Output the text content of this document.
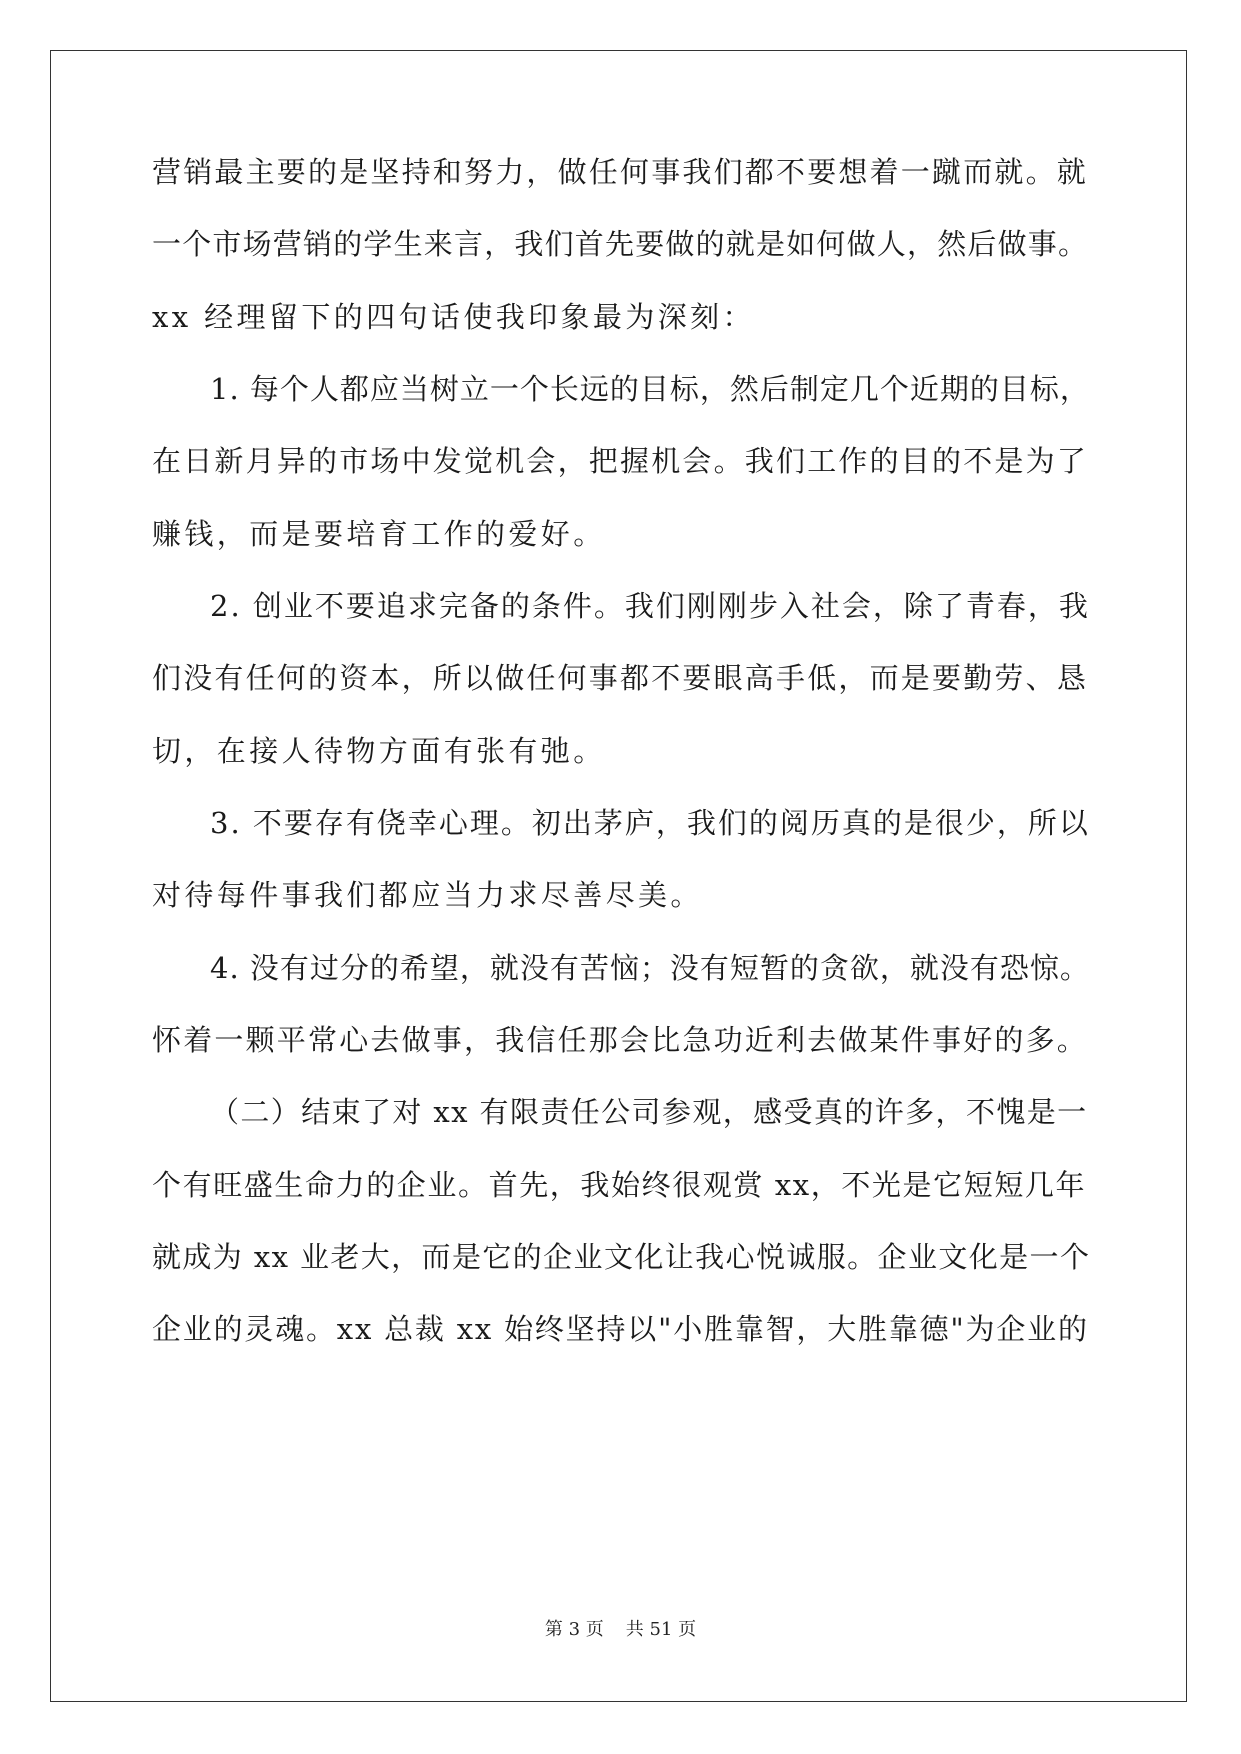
营销最主要的是坚持和努力，做任何事我们都不要想着一蹴而就。就
一个市场营销的学生来言，我们首先要做的就是如何做人，然后做事。
xx 经理留下的四句话使我印象最为深刻：
1. 每个人都应当树立一个长远的目标，然后制定几个近期的目标，
在日新月异的市场中发觉机会，把握机会。我们工作的目的不是为了
赚钱，而是要培育工作的爱好。
2. 创业不要追求完备的条件。我们刚刚步入社会，除了青春，我
们没有任何的资本，所以做任何事都不要眼高手低，而是要勤劳、恳
切，在接人待物方面有张有弛。
3. 不要存有侥幸心理。初出茅庐，我们的阅历真的是很少，所以
对待每件事我们都应当力求尽善尽美。
4. 没有过分的希望，就没有苦恼；没有短暂的贪欲，就没有恐惊。
怀着一颗平常心去做事，我信任那会比急功近利去做某件事好的多。
（二）结束了对 xx 有限责任公司参观，感受真的许多，不愧是一
个有旺盛生命力的企业。首先，我始终很观赏 xx，不光是它短短几年
就成为 xx 业老大，而是它的企业文化让我心悦诚服。企业文化是一个
企业的灵魂。xx 总裁 xx 始终坚持以"小胜靠智，大胜靠德"为企业的
第 3 页 共 51 页
